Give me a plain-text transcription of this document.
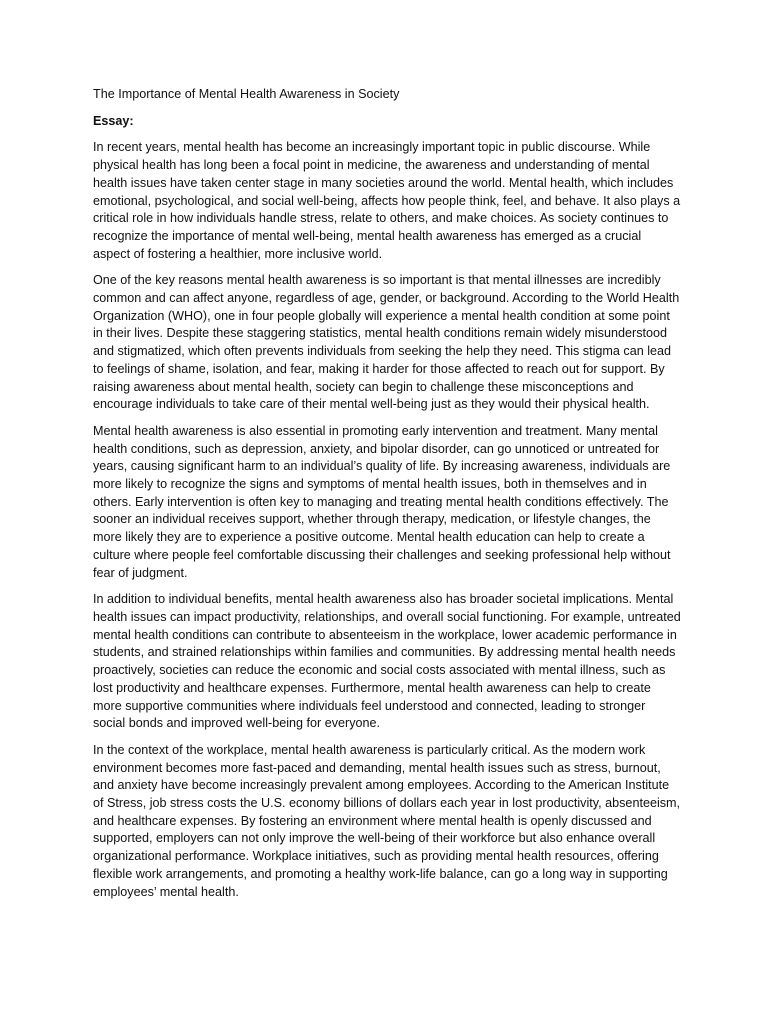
The Importance of Mental Health Awareness in Society

Essay:

In recent years, mental health has become an increasingly important topic in public discourse. While physical health has long been a focal point in medicine, the awareness and understanding of mental health issues have taken center stage in many societies around the world. Mental health, which includes emotional, psychological, and social well-being, affects how people think, feel, and behave. It also plays a critical role in how individuals handle stress, relate to others, and make choices. As society continues to recognize the importance of mental well-being, mental health awareness has emerged as a crucial aspect of fostering a healthier, more inclusive world.

One of the key reasons mental health awareness is so important is that mental illnesses are incredibly common and can affect anyone, regardless of age, gender, or background. According to the World Health Organization (WHO), one in four people globally will experience a mental health condition at some point in their lives. Despite these staggering statistics, mental health conditions remain widely misunderstood and stigmatized, which often prevents individuals from seeking the help they need. This stigma can lead to feelings of shame, isolation, and fear, making it harder for those affected to reach out for support. By raising awareness about mental health, society can begin to challenge these misconceptions and encourage individuals to take care of their mental well-being just as they would their physical health.

Mental health awareness is also essential in promoting early intervention and treatment. Many mental health conditions, such as depression, anxiety, and bipolar disorder, can go unnoticed or untreated for years, causing significant harm to an individual’s quality of life. By increasing awareness, individuals are more likely to recognize the signs and symptoms of mental health issues, both in themselves and in others. Early intervention is often key to managing and treating mental health conditions effectively. The sooner an individual receives support, whether through therapy, medication, or lifestyle changes, the more likely they are to experience a positive outcome. Mental health education can help to create a culture where people feel comfortable discussing their challenges and seeking professional help without fear of judgment.

In addition to individual benefits, mental health awareness also has broader societal implications. Mental health issues can impact productivity, relationships, and overall social functioning. For example, untreated mental health conditions can contribute to absenteeism in the workplace, lower academic performance in students, and strained relationships within families and communities. By addressing mental health needs proactively, societies can reduce the economic and social costs associated with mental illness, such as lost productivity and healthcare expenses. Furthermore, mental health awareness can help to create more supportive communities where individuals feel understood and connected, leading to stronger social bonds and improved well-being for everyone.

In the context of the workplace, mental health awareness is particularly critical. As the modern work environment becomes more fast-paced and demanding, mental health issues such as stress, burnout, and anxiety have become increasingly prevalent among employees. According to the American Institute of Stress, job stress costs the U.S. economy billions of dollars each year in lost productivity, absenteeism, and healthcare expenses. By fostering an environment where mental health is openly discussed and supported, employers can not only improve the well-being of their workforce but also enhance overall organizational performance. Workplace initiatives, such as providing mental health resources, offering flexible work arrangements, and promoting a healthy work-life balance, can go a long way in supporting employees’ mental health.
